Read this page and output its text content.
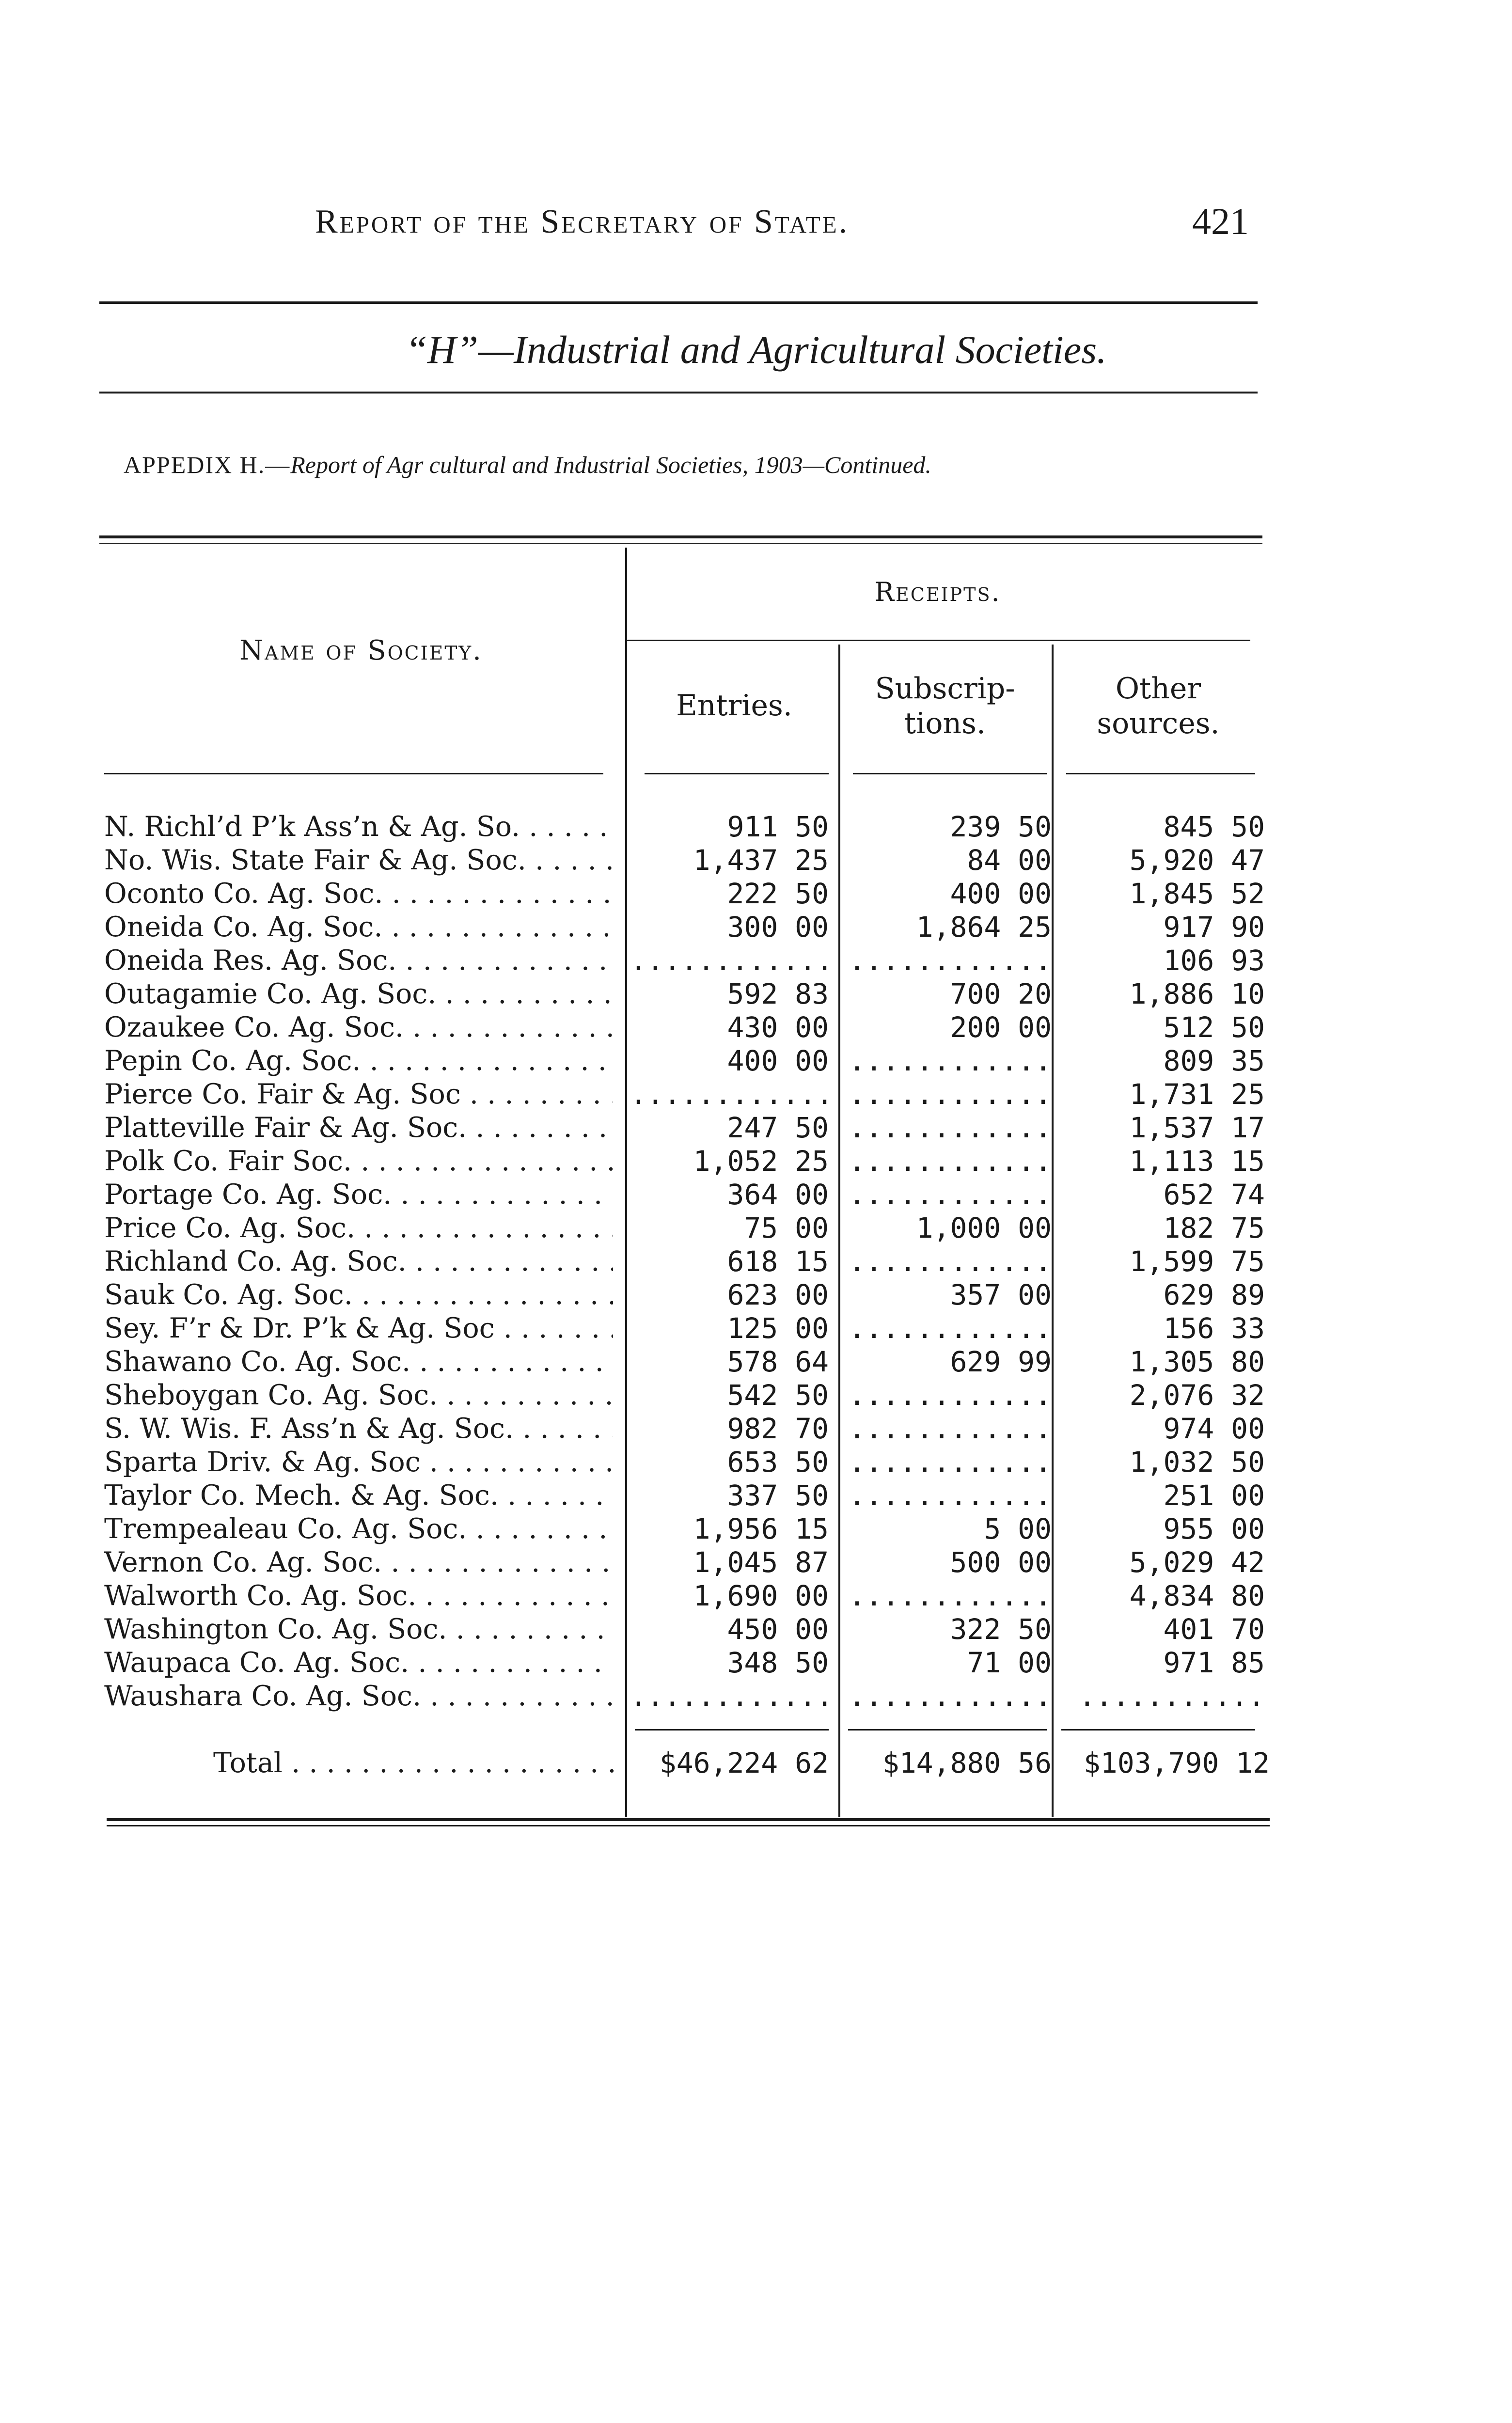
Report of the Secretary of State.	421
“H”—Industrial and Agricultural Societies.
APPEDIX H.—Report of Agr cultural and Industrial Societies, 1903—Continued.
Name of Society.
Receipts.
Entries.	Subscrip-tions.
Other sources.
N. Richl’d P’k Ass’n & Ag. So. . . .	911 50	239 50	845 50
No. Wis. State Fair & Ag. Soc. . . .	1,437 25	84 00	5,920 47
Oconto Co. Ag. Soc. . . .	222 50	400 00	1,845 52
Oneida Co. Ag. Soc. . . .	300 00	1,864 25	917 90
Oneida Res. Ag. Soc. . . .	............ ............	106 93
Outagamie Co. Ag. Soc. . . .	592 83	700 20	1,886 10
Ozaukee Co. Ag. Soc. . . .	430 00	200 00	512 50
Pepin Co. Ag. Soc. . . .	400 00 ............	809 35
Pierce Co. Fair & Ag. Soc . . .	............ ............	1,731 25
Platteville Fair & Ag. Soc. . . .	247 50 ............	1,537 17
Polk Co. Fair Soc. . . .	1,052 25 ............	1,113 15
Portage Co. Ag. Soc. . . .	364 00 ............	652 74
Price Co. Ag. Soc. . . .	75 00	1,000 00	182 75
Richland Co. Ag. Soc. . . .	618 15 ............	1,599 75
Sauk Co. Ag. Soc. . . .	623 00	357 00	629 89
Sey. F’r & Dr. P’k & Ag. Soc . . .	125 00 ............	156 33
Shawano Co. Ag. Soc. . . .	578 64	629 99	1,305 80
Sheboygan Co. Ag. Soc. . . .	542 50 ............	2,076 32
S. W. Wis. F. Ass’n & Ag. Soc. . . .	982 70 ............	974 00
Sparta Driv. & Ag. Soc . . .	653 50 ............	1,032 50
Taylor Co. Mech. & Ag. Soc. . . .	337 50 ............	251 00
Trempealeau Co. Ag. Soc. . . .	1,956 15	5 00	955 00
Vernon Co. Ag. Soc. . . .	1,045 87	500 00	5,029 42
Walworth Co. Ag. Soc. . . .	1,690 00 ............	4,834 80
Washington Co. Ag. Soc. . . .	450 00	322 50	401 70
Waupaca Co. Ag. Soc. . . .	348 50	71 00	971 85
Waushara Co. Ag. Soc. . . .	............ ............ ...........
Total . . .	$46,224 62	$14,880 56	$103,790 12
